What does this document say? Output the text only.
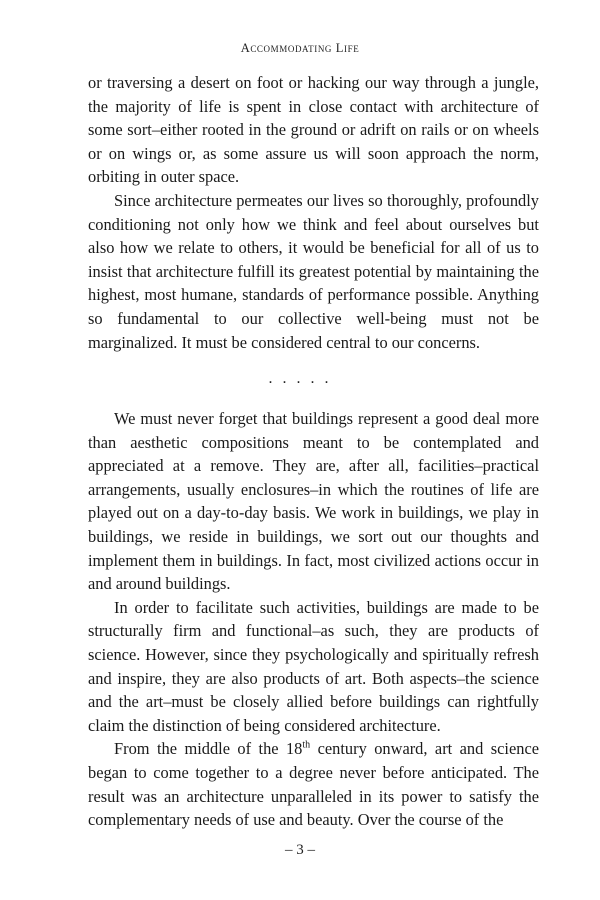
Accommodating Life

or traversing a desert on foot or hacking our way through a jungle, the majority of life is spent in close contact with architecture of some sort–either rooted in the ground or adrift on rails or on wheels or on wings or, as some assure us will soon approach the norm, orbiting in outer space.

Since architecture permeates our lives so thoroughly, profoundly conditioning not only how we think and feel about ourselves but also how we relate to others, it would be beneficial for all of us to insist that architecture fulfill its greatest potential by maintaining the highest, most humane, standards of performance possible. Anything so fundamental to our collective well-being must not be marginalized. It must be considered central to our concerns.

. . . . .

We must never forget that buildings represent a good deal more than aesthetic compositions meant to be contemplated and appreciated at a remove. They are, after all, facilities–practical arrangements, usually enclosures–in which the routines of life are played out on a day-to-day basis. We work in buildings, we play in buildings, we reside in buildings, we sort out our thoughts and implement them in buildings. In fact, most civilized actions occur in and around buildings.

In order to facilitate such activities, buildings are made to be structurally firm and functional–as such, they are products of science. However, since they psychologically and spiritually refresh and inspire, they are also products of art. Both aspects–the science and the art–must be closely allied before buildings can rightfully claim the distinction of being considered architecture.

From the middle of the 18th century onward, art and science began to come together to a degree never before anticipated. The result was an architecture unparalleled in its power to satisfy the complementary needs of use and beauty. Over the course of the

– 3 –
